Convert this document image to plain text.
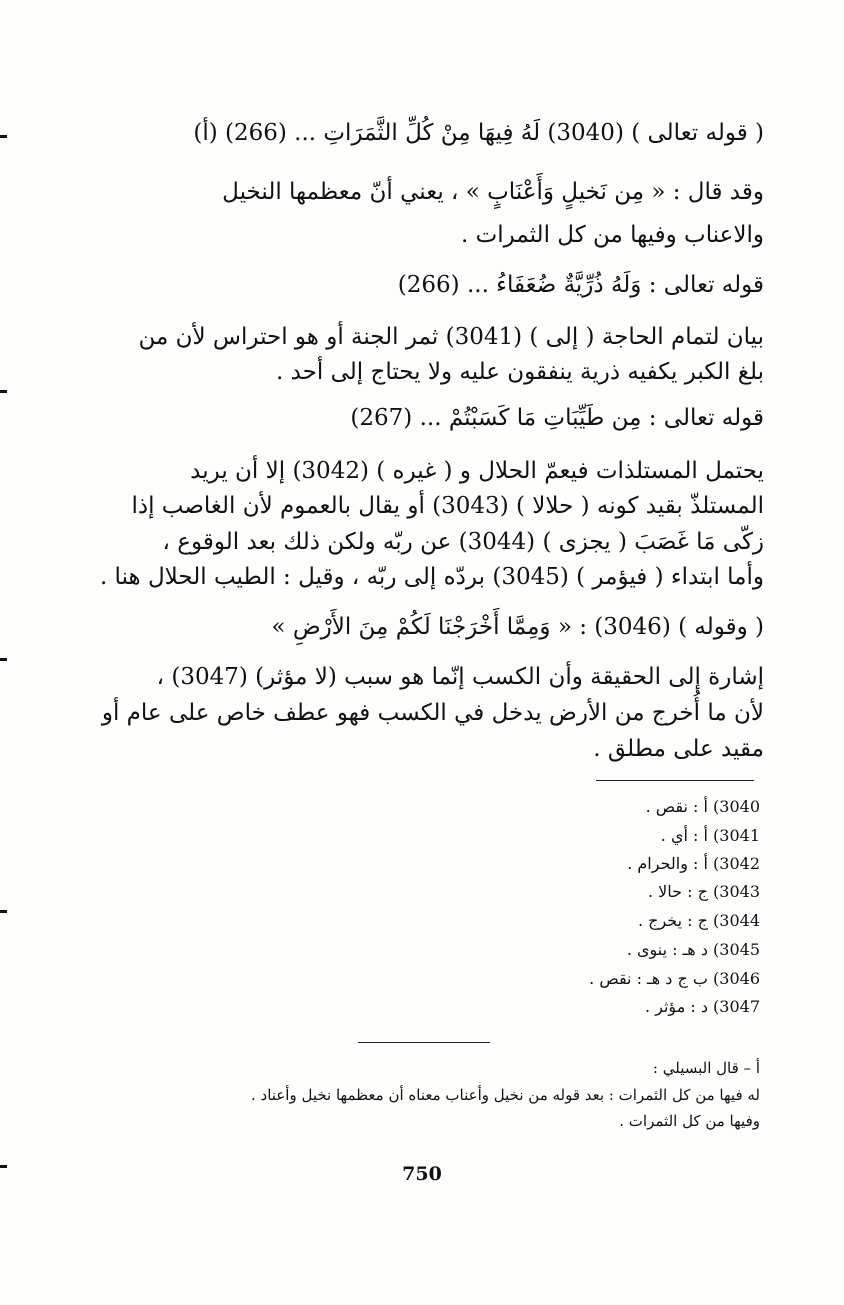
( قوله تعالى ) (3040) لَهُ فِيهَا مِنْ كُلِّ الثَّمَرَاتِ ... (266) (أ)
وقد قال : « مِن نَخيلٍ وَأَعْنَابٍ » ، يعني أنّ معظمها النخيل
والاعناب وفيها من كل الثمرات .
قوله تعالى : وَلَهُ ذُرِّيَّةٌ ضُعَفَاءُ ... (266)
بيان لتمام الحاجة ( إلى ) (3041) ثمر الجنة أو هو احتراس لأن من
بلغ الكبر يكفيه ذرية ينفقون عليه ولا يحتاج إلى أحد .
قوله تعالى : مِن طَيِّبَاتِ مَا كَسَبْتُمْ ... (267)
يحتمل المستلذات فيعمّ الحلال و ( غيره ) (3042) إلا أن يريد
المستلذّ بقيد كونه ( حلالا ) (3043) أو يقال بالعموم لأن الغاصب إذا
زكّى مَا غَصَبَ ( يجزى ) (3044) عن ربّه ولكن ذلك بعد الوقوع ،
وأما ابتداء ( فيؤمر ) (3045) بردّه إلى ربّه ، وقيل : الطيب الحلال هنا .
( وقوله ) (3046) : « وَمِمَّا أَخْرَجْنَا لَكُمْ مِنَ الأَرْضِ »
إشارة إلى الحقيقة وأن الكسب إنّما هو سبب (لا مؤثر) (3047) ،
لأن ما أُخرج من الأرض يدخل في الكسب فهو عطف خاص على عام أو
مقيد على مطلق .
3040) أ : نقص .
3041) أ : أي .
3042) أ : والحرام .
3043) ج : حالا .
3044) ج : يخرج .
3045) د هـ : ينوى .
3046) ب ج د هـ : نقص .
3047) د : مؤثر .
أ – قال البسيلي :
له فيها من كل الثمرات : بعد قوله من نخيل وأعناب معناه أن معظمها نخيل وأعناد .
وفيها من كل الثمرات .
750
